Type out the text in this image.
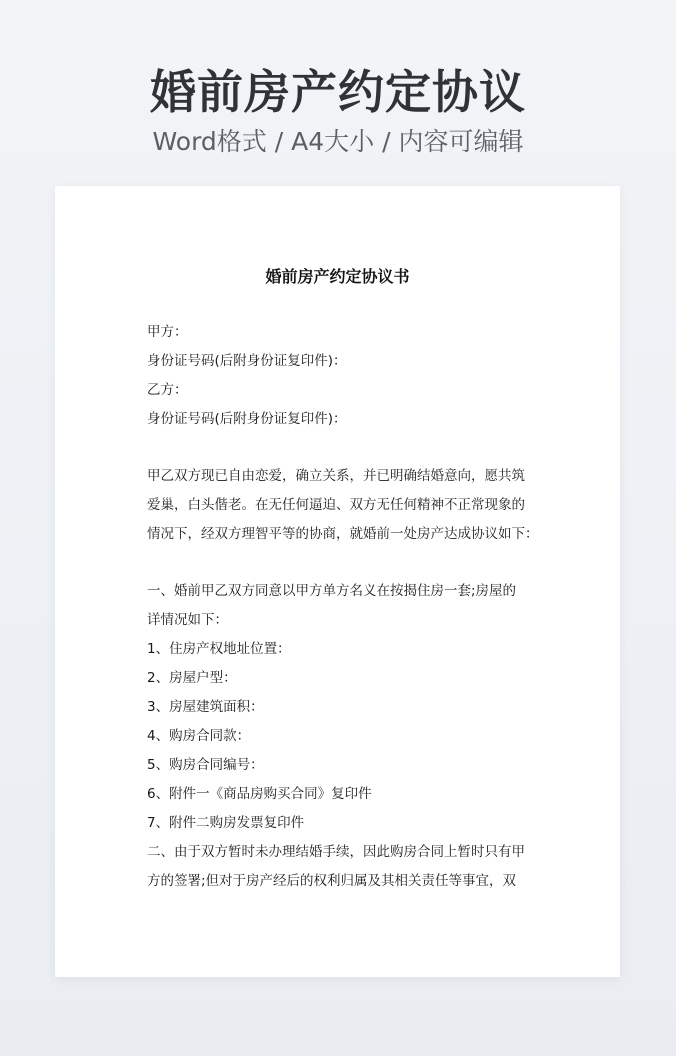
婚前房产约定协议
Word格式 / A4大小 / 内容可编辑
婚前房产约定协议书
甲方：
身份证号码(后附身份证复印件)：
乙方：
身份证号码(后附身份证复印件)：
甲乙双方现已自由恋爱，确立关系，并已明确结婚意向，愿共筑
爱巢，白头偕老。在无任何逼迫、双方无任何精神不正常现象的
情况下，经双方理智平等的协商，就婚前一处房产达成协议如下：
一、婚前甲乙双方同意以甲方单方名义在按揭住房一套;房屋的
详情况如下：
1、住房产权地址位置：
2、房屋户型：
3、房屋建筑面积：
4、购房合同款：
5、购房合同编号：
6、附件一《商品房购买合同》复印件
7、附件二购房发票复印件
二、由于双方暂时未办理结婚手续，因此购房合同上暂时只有甲
方的签署;但对于房产经后的权利归属及其相关责任等事宜，双
